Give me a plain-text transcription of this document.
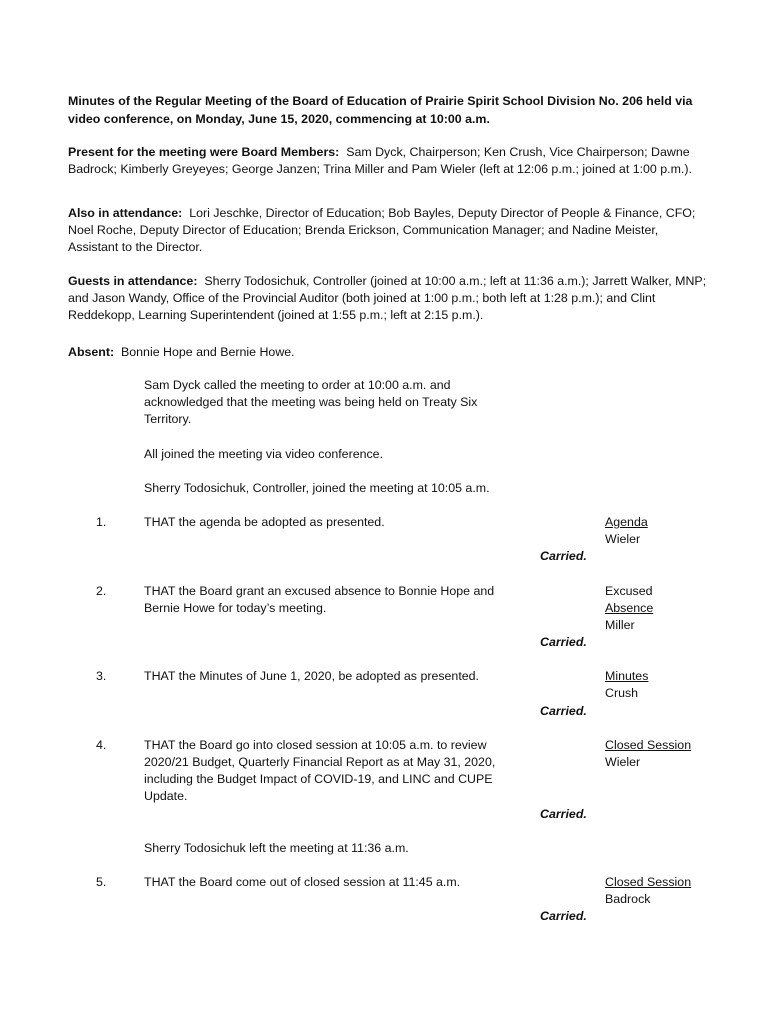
Minutes of the Regular Meeting of the Board of Education of Prairie Spirit School Division No. 206 held via video conference, on Monday, June 15, 2020, commencing at 10:00 a.m.
Present for the meeting were Board Members: Sam Dyck, Chairperson; Ken Crush, Vice Chairperson; Dawne Badrock; Kimberly Greyeyes; George Janzen; Trina Miller and Pam Wieler (left at 12:06 p.m.; joined at 1:00 p.m.).
Also in attendance: Lori Jeschke, Director of Education; Bob Bayles, Deputy Director of People & Finance, CFO; Noel Roche, Deputy Director of Education; Brenda Erickson, Communication Manager; and Nadine Meister, Assistant to the Director.
Guests in attendance: Sherry Todosichuk, Controller (joined at 10:00 a.m.; left at 11:36 a.m.); Jarrett Walker, MNP; and Jason Wandy, Office of the Provincial Auditor (both joined at 1:00 p.m.; both left at 1:28 p.m.); and Clint Reddekopp, Learning Superintendent (joined at 1:55 p.m.; left at 2:15 p.m.).
Absent: Bonnie Hope and Bernie Howe.
Sam Dyck called the meeting to order at 10:00 a.m. and acknowledged that the meeting was being held on Treaty Six Territory.
All joined the meeting via video conference.
Sherry Todosichuk, Controller, joined the meeting at 10:05 a.m.
1.	THAT the agenda be adopted as presented.	Agenda
Wieler
Carried.
2.	THAT the Board grant an excused absence to Bonnie Hope and Bernie Howe for today’s meeting.
Excused
Absence
Miller
Carried.
3.	THAT the Minutes of June 1, 2020, be adopted as presented.	Minutes
Crush
Carried.
4.	THAT the Board go into closed session at 10:05 a.m. to review 2020/21 Budget, Quarterly Financial Report as at May 31, 2020, including the Budget Impact of COVID-19, and LINC and CUPE Update.
Closed Session
Wieler
Carried.
Sherry Todosichuk left the meeting at 11:36 a.m.
5.	THAT the Board come out of closed session at 11:45 a.m.	Closed Session
Badrock
Carried.
